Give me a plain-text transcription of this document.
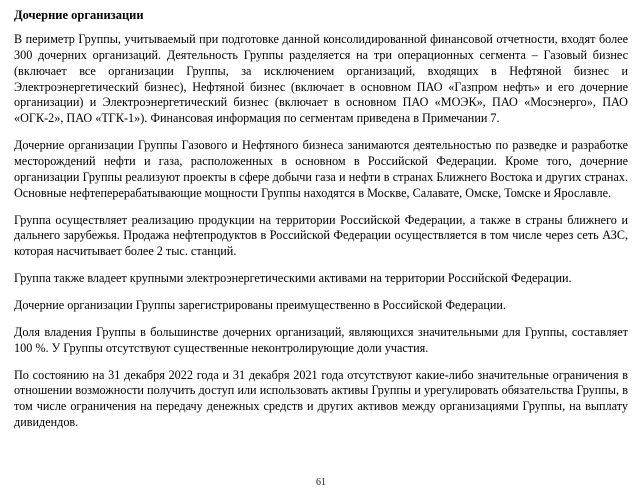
Дочерние организации

В периметр Группы, учитываемый при подготовке данной консолидированной финансовой отчетности, входят более 300 дочерних организаций. Деятельность Группы разделяется на три операционных сегмента – Газовый бизнес (включает все организации Группы, за исключением организаций, входящих в Нефтяной бизнес и Электроэнергетический бизнес), Нефтяной бизнес (включает в основном ПАО «Газпром нефть» и его дочерние организации) и Электроэнергетический бизнес (включает в основном ПАО «МОЭК», ПАО «Мосэнерго», ПАО «ОГК-2», ПАО «ТГК-1»). Финансовая информация по сегментам приведена в Примечании 7.

Дочерние организации Группы Газового и Нефтяного бизнеса занимаются деятельностью по разведке и разработке месторождений нефти и газа, расположенных в основном в Российской Федерации. Кроме того, дочерние организации Группы реализуют проекты в сфере добычи газа и нефти в странах Ближнего Востока и других странах. Основные нефтеперерабатывающие мощности Группы находятся в Москве, Салавате, Омске, Томске и Ярославле.

Группа осуществляет реализацию продукции на территории Российской Федерации, а также в страны ближнего и дальнего зарубежья. Продажа нефтепродуктов в Российской Федерации осуществляется в том числе через сеть АЗС, которая насчитывает более 2 тыс. станций.

Группа также владеет крупными электроэнергетическими активами на территории Российской Федерации.

Дочерние организации Группы зарегистрированы преимущественно в Российской Федерации.

Доля владения Группы в большинстве дочерних организаций, являющихся значительными для Группы, составляет 100 %. У Группы отсутствуют существенные неконтролирующие доли участия.

По состоянию на 31 декабря 2022 года и 31 декабря 2021 года отсутствуют какие-либо значительные ограничения в отношении возможности получить доступ или использовать активы Группы и урегулировать обязательства Группы, в том числе ограничения на передачу денежных средств и других активов между организациями Группы, на выплату дивидендов.

61
